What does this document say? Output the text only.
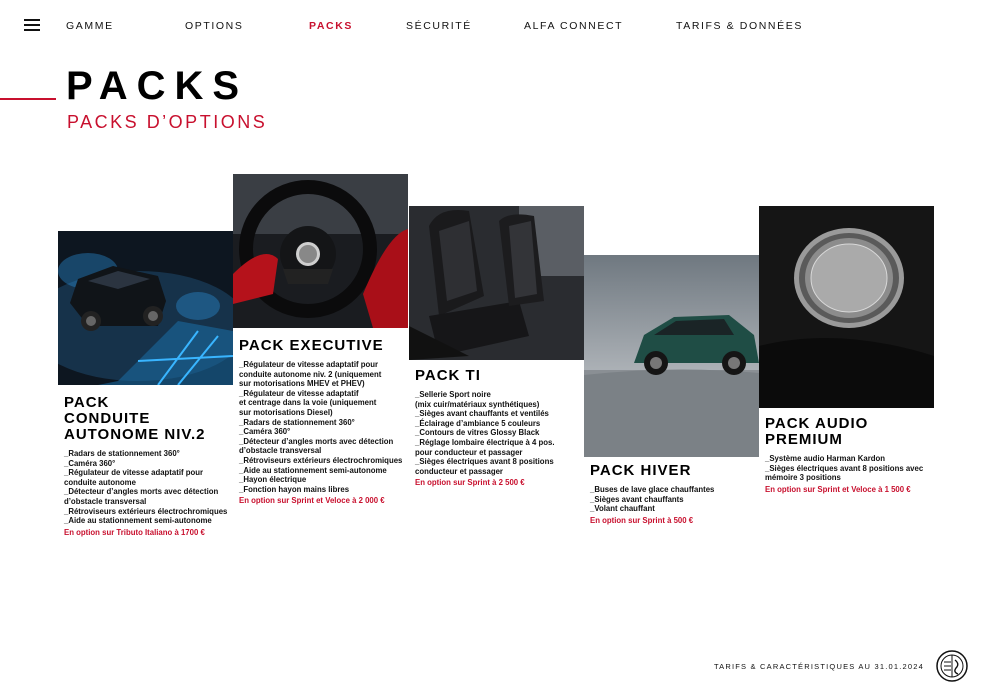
GAMME	OPTIONS	PACKS	SÉCURITÉ	ALFA CONNECT	TARIFS & DONNÉES
PACKS
PACKS D’OPTIONS
PACK
CONDUITE
AUTONOME NIV.2
_Radars de stationnement 360°
_Caméra 360°
_Régulateur de vitesse adaptatif pour
conduite autonome
_Détecteur d’angles morts avec détection
d’obstacle transversal
_Rétroviseurs extérieurs électrochromiques
_Aide au stationnement semi-autonome
En option sur Tributo Italiano à 1700 €
PACK EXECUTIVE
_Régulateur de vitesse adaptatif pour
conduite autonome niv. 2 (uniquement
sur motorisations MHEV et PHEV)
_Régulateur de vitesse adaptatif
et centrage dans la voie (uniquement
sur motorisations Diesel)
_Radars de stationnement 360°
_Caméra 360°
_Détecteur d’angles morts avec détection
d’obstacle transversal
_Rétroviseurs extérieurs électrochromiques
_Aide au stationnement semi-autonome
_Hayon électrique
_Fonction hayon mains libres
En option sur Sprint et Veloce à 2 000 €
PACK TI
_Sellerie Sport noire
(mix cuir/matériaux synthétiques)
_Sièges avant chauffants et ventilés
_Éclairage d’ambiance 5 couleurs
_Contours de vitres Glossy Black
_Réglage lombaire électrique à 4 pos.
pour conducteur et passager
_Sièges électriques avant 8 positions
conducteur et passager
En option sur Sprint à 2 500 €
PACK HIVER
_Buses de lave glace chauffantes
_Sièges avant chauffants
_Volant chauffant
En option sur Sprint à 500 €
PACK AUDIO
PREMIUM
_Système audio Harman Kardon
_Sièges électriques avant 8 positions avec
mémoire 3 positions
En option sur Sprint et Veloce à 1 500 €
TARIFS & CARACTÉRISTIQUES AU 31.01.2024
